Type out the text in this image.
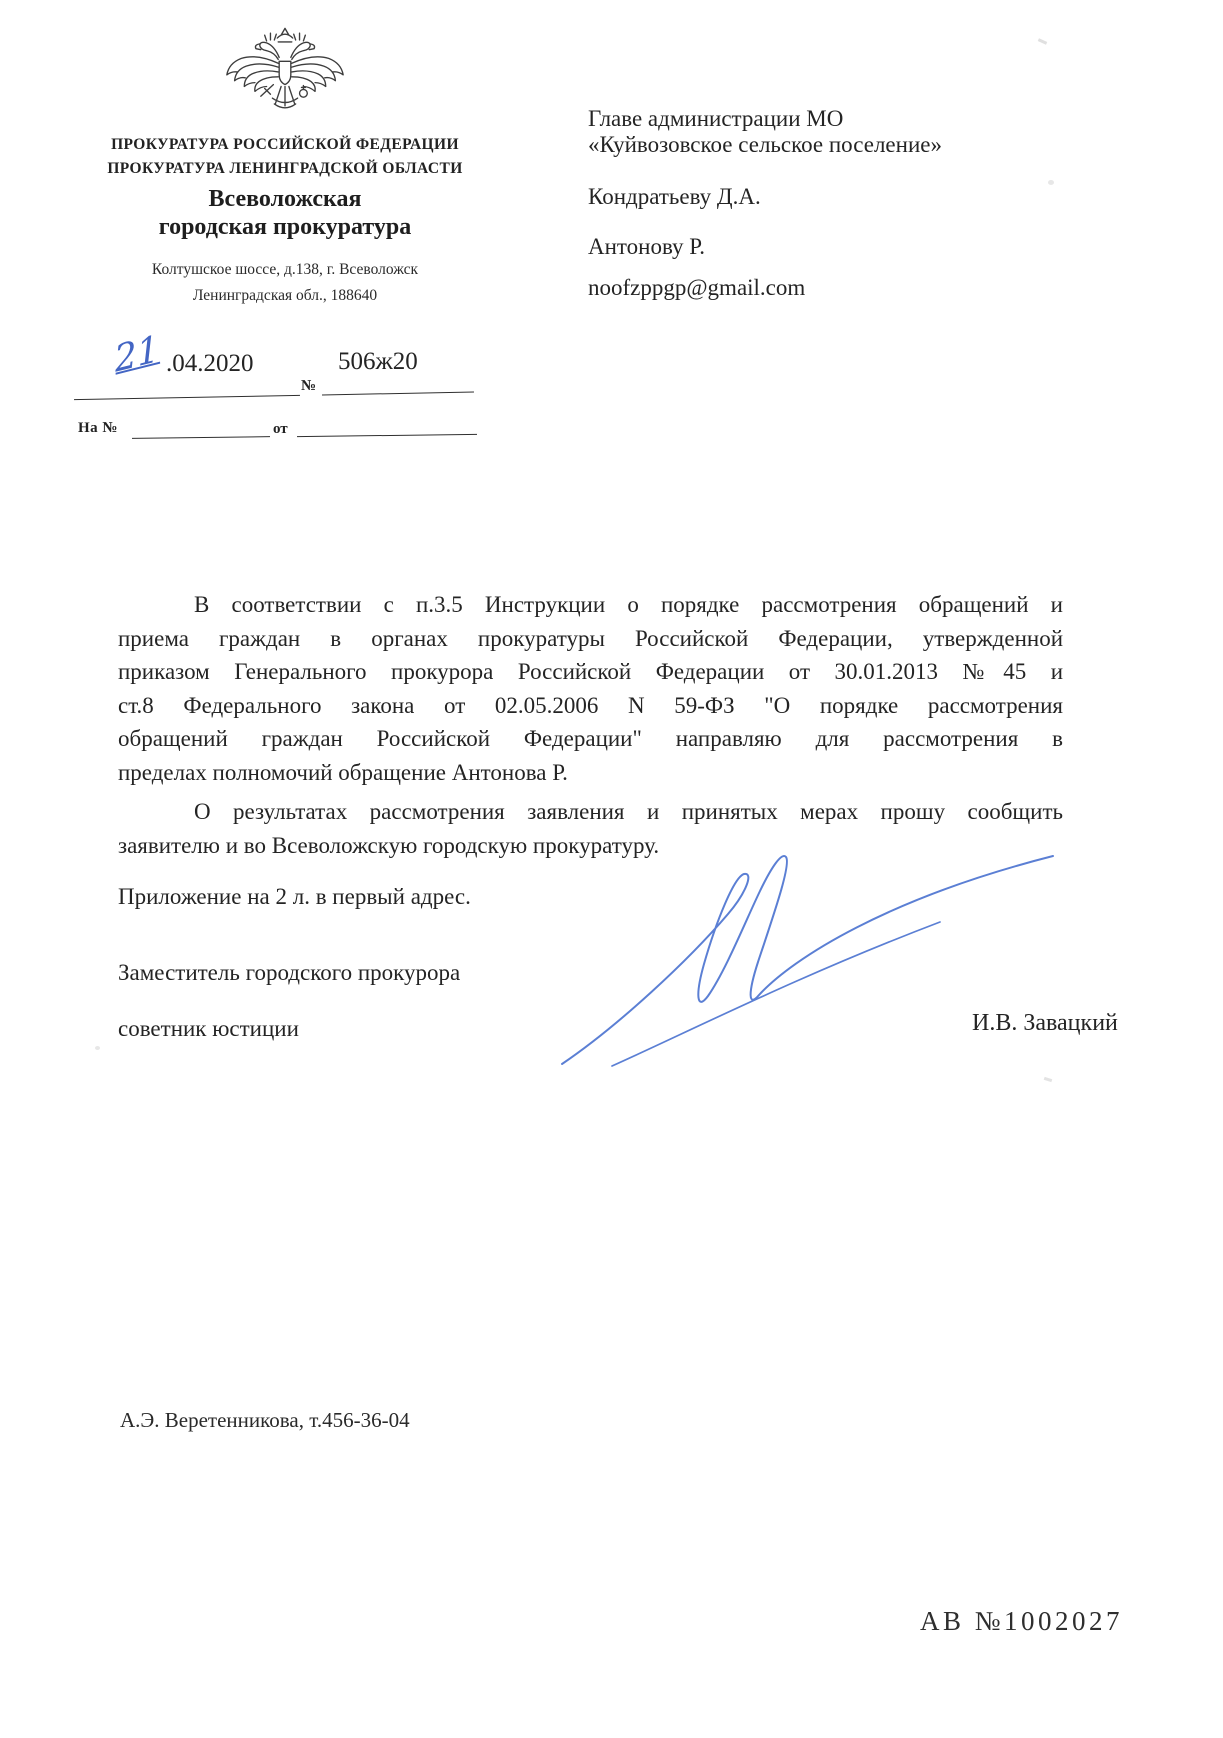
ПРОКУРАТУРА РОССИЙСКОЙ ФЕДЕРАЦИИ
ПРОКУРАТУРА ЛЕНИНГРАДСКОЙ ОБЛАСТИ
Всеволожская
городская прокуратура
Колтушское шоссе, д.138, г. Всеволожск
Ленинградская обл., 188640
Главе администрации МО
«Куйвозовское сельское поселение»
Кондратьеву Д.А.
Антонову Р.
noofzppgp@gmail.com
21 .04.2020	506ж20
№
На №	от
В соответствии с п.3.5 Инструкции о порядке рассмотрения обращений и
приема граждан в органах прокуратуры Российской Федерации, утвержденной
приказом Генерального прокурора Российской Федерации от 30.01.2013 №45 и
ст.8 Федерального закона от 02.05.2006 N 59-ФЗ "О порядке рассмотрения
обращений граждан Российской Федерации" направляю для рассмотрения в
пределах полномочий обращение Антонова Р.
О результатах рассмотрения заявления и принятых мерах прошу сообщить
заявителю и во Всеволожскую городскую прокуратуру.
Приложение на 2 л. в первый адрес.
Заместитель городского прокурора
советник юстиции	И.В. Завацкий
А.Э. Веретенникова, т.456-36-04
АВ №1002027
